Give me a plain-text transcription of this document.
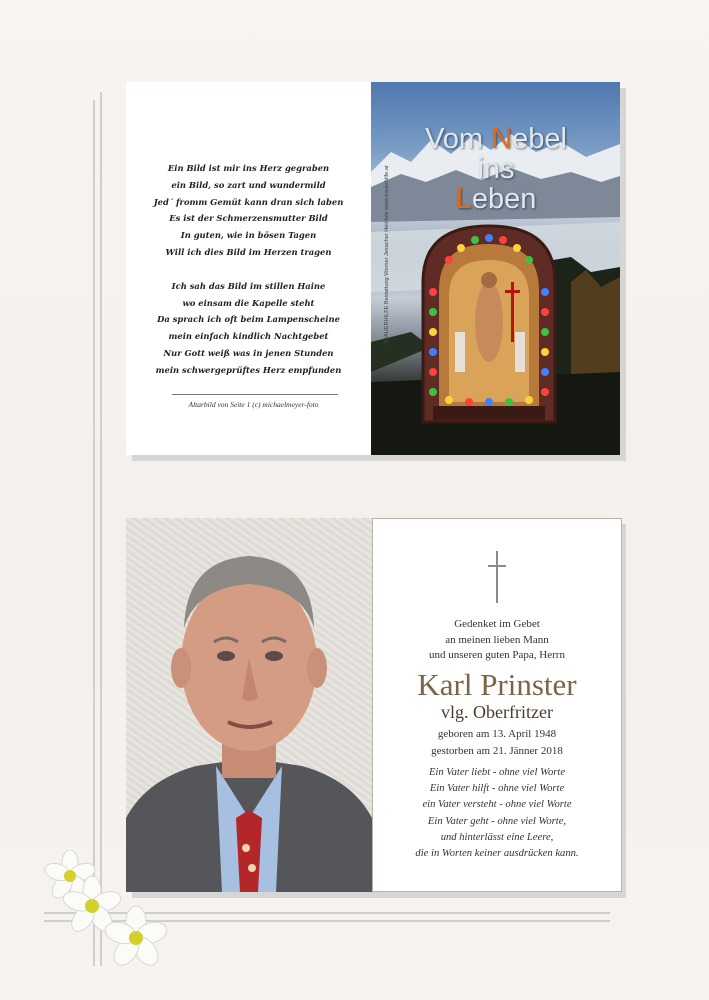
Ein Bild ist mir ins Herz gegraben
ein Bild, so zart und wundermild
Jed´ fromm Gemüt kann dran sich laben
Es ist der Schmerzensmutter Bild
In guten, wie in bösen Tagen
Will ich dies Bild im Herzen tragen
Ich sah das Bild im stillen Haine
wo einsam die Kapelle steht
Da sprach ich oft beim Lampenscheine
mein einfach kindlich Nachtgebet
Nur Gott weiß was in jenen Stunden
mein schwergeprüftes Herz empfunden
Altarbild von Seite 1 (c) michaelmeyer-foto
TRAUERHILFE Bestattung Werner Jesacher Heinfels www.trauerhilfe.at
Vom Nebel
ins
Leben
Gedenket im Gebet
an meinen lieben Mann
und unseren guten Papa, Herrn
Karl Prinster
vlg. Oberfritzer
geboren am 13. April 1948
gestorben am 21. Jänner 2018
Ein Vater liebt - ohne viel Worte
Ein Vater hilft - ohne viel Worte
ein Vater versteht - ohne viel Worte
Ein Vater geht - ohne viel Worte,
und hinterlässt eine Leere,
die in Worten keiner ausdrücken kann.
